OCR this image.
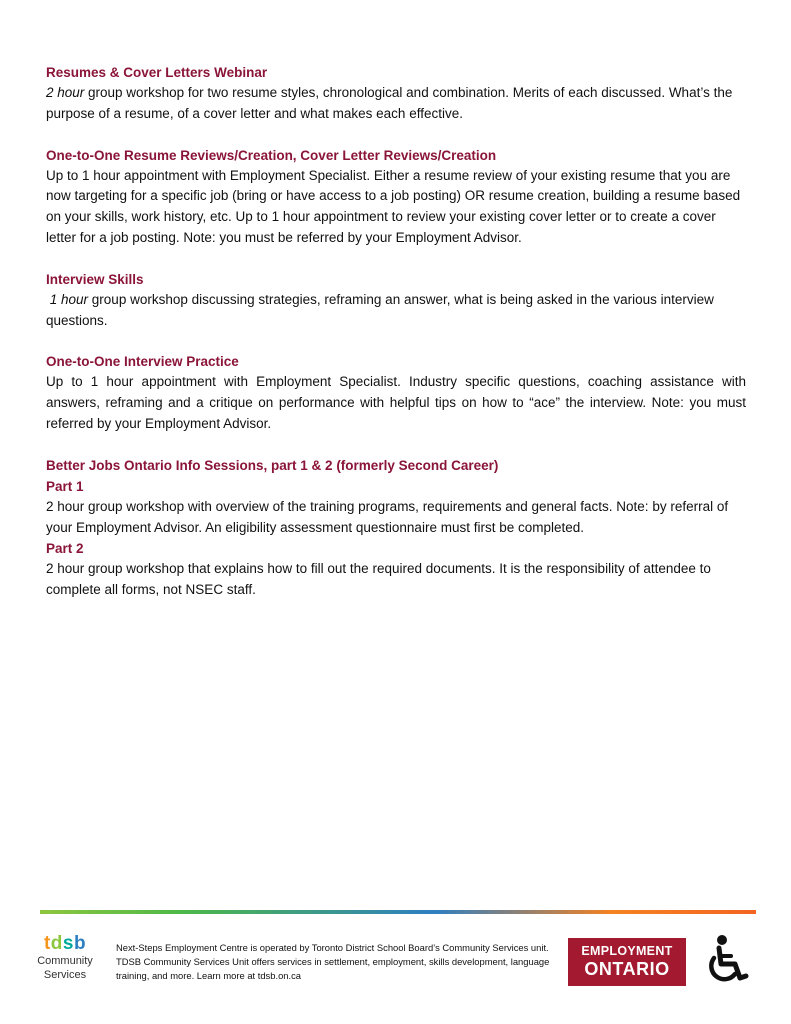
Resumes & Cover Letters Webinar
2 hour group workshop for two resume styles, chronological and combination. Merits of each discussed. What’s the purpose of a resume, of a cover letter and what makes each effective.
One-to-One Resume Reviews/Creation, Cover Letter Reviews/Creation
Up to 1 hour appointment with Employment Specialist. Either a resume review of your existing resume that you are now targeting for a specific job (bring or have access to a job posting) OR resume creation, building a resume based on your skills, work history, etc. Up to 1 hour appointment to review your existing cover letter or to create a cover letter for a job posting. Note: you must be referred by your Employment Advisor.
Interview Skills
1 hour group workshop discussing strategies, reframing an answer, what is being asked in the various interview questions.
One-to-One Interview Practice
Up to 1 hour appointment with Employment Specialist. Industry specific questions, coaching assistance with answers, reframing and a critique on performance with helpful tips on how to “ace” the interview. Note: you must referred by your Employment Advisor.
Better Jobs Ontario Info Sessions, part 1 & 2 (formerly Second Career)
Part 1
2 hour group workshop with overview of the training programs, requirements and general facts. Note: by referral of your Employment Advisor. An eligibility assessment questionnaire must first be completed.
Part 2
2 hour group workshop that explains how to fill out the required documents. It is the responsibility of attendee to complete all forms, not NSEC staff.
tdsb
Community
Services
Next-Steps Employment Centre is operated by Toronto District School Board’s Community Services unit. TDSB Community Services Unit offers services in settlement, employment, skills development, language training, and more. Learn more at tdsb.on.ca
EMPLOYMENT
ONTARIO
